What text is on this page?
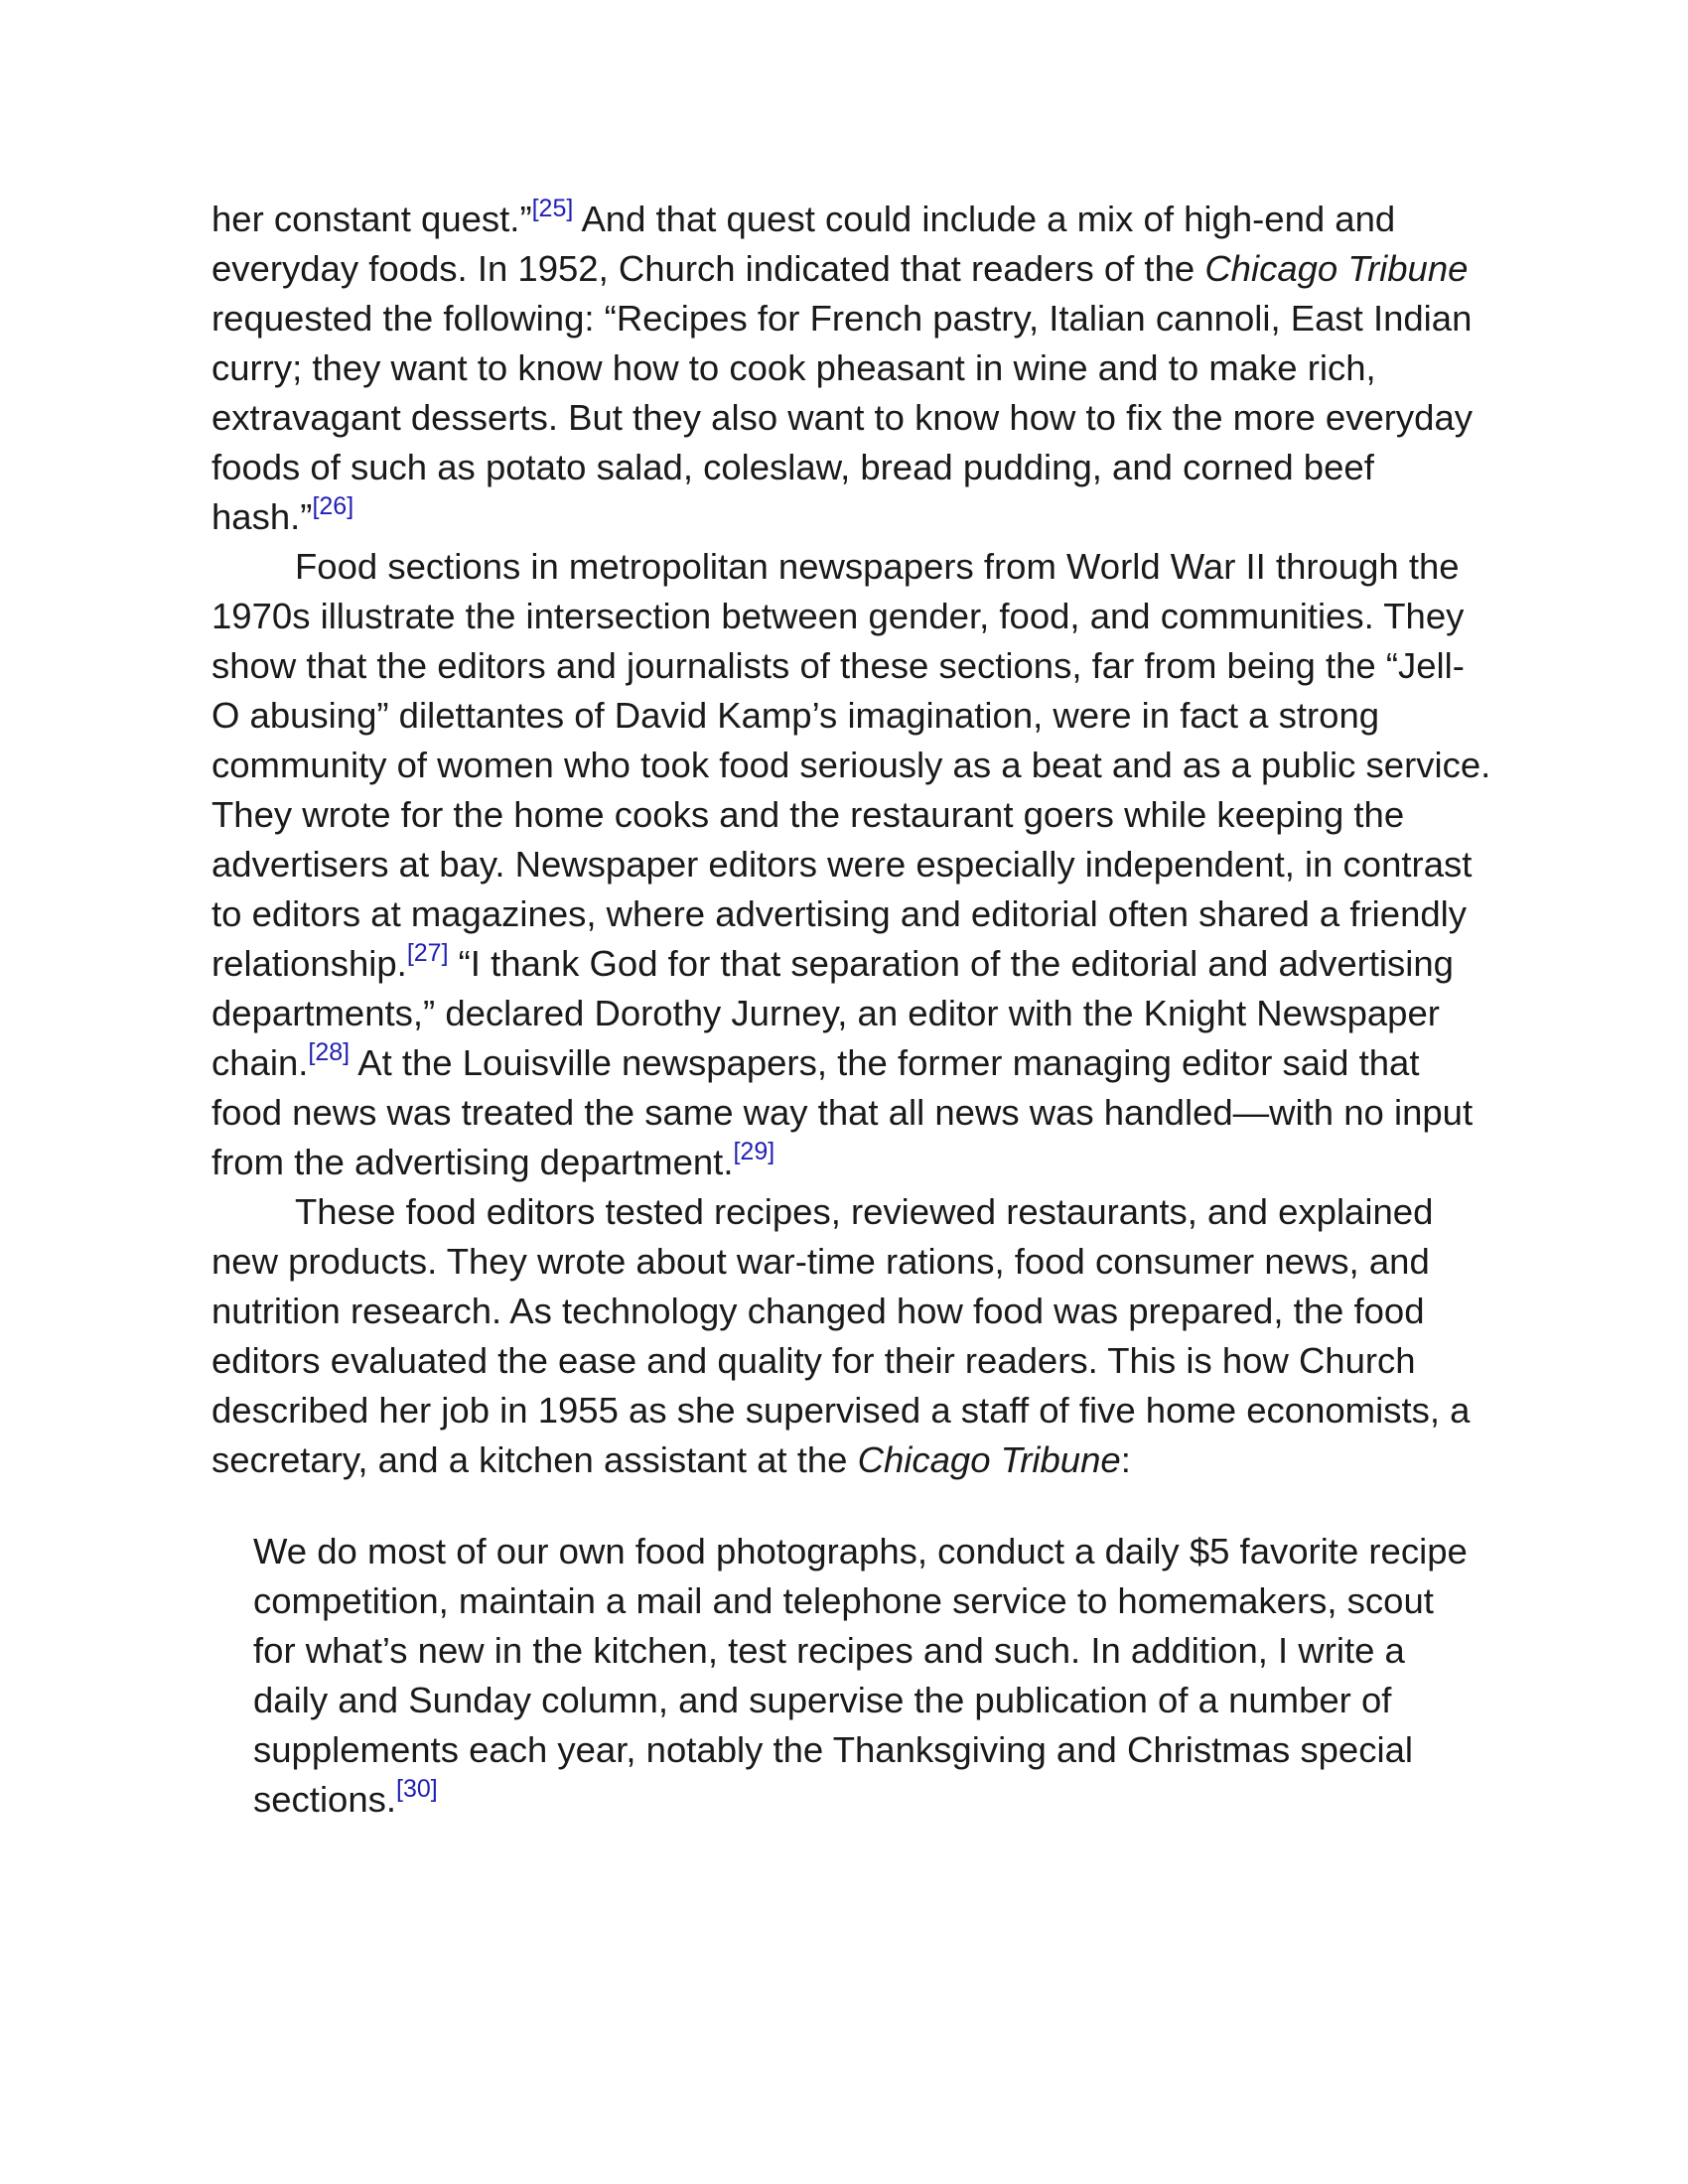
her constant quest.”[25] And that quest could include a mix of high-end and everyday foods. In 1952, Church indicated that readers of the Chicago Tribune requested the following: “Recipes for French pastry, Italian cannoli, East Indian curry; they want to know how to cook pheasant in wine and to make rich, extravagant desserts. But they also want to know how to fix the more everyday foods of such as potato salad, coleslaw, bread pudding, and corned beef hash.”[26]

Food sections in metropolitan newspapers from World War II through the 1970s illustrate the intersection between gender, food, and communities. They show that the editors and journalists of these sections, far from being the “Jell-O abusing” dilettantes of David Kamp’s imagination, were in fact a strong community of women who took food seriously as a beat and as a public service. They wrote for the home cooks and the restaurant goers while keeping the advertisers at bay. Newspaper editors were especially independent, in contrast to editors at magazines, where advertising and editorial often shared a friendly relationship.[27] “I thank God for that separation of the editorial and advertising departments,” declared Dorothy Jurney, an editor with the Knight Newspaper chain.[28] At the Louisville newspapers, the former managing editor said that food news was treated the same way that all news was handled—with no input from the advertising department.[29]

These food editors tested recipes, reviewed restaurants, and explained new products. They wrote about war-time rations, food consumer news, and nutrition research. As technology changed how food was prepared, the food editors evaluated the ease and quality for their readers. This is how Church described her job in 1955 as she supervised a staff of five home economists, a secretary, and a kitchen assistant at the Chicago Tribune:

We do most of our own food photographs, conduct a daily $5 favorite recipe competition, maintain a mail and telephone service to homemakers, scout for what’s new in the kitchen, test recipes and such. In addition, I write a daily and Sunday column, and supervise the publication of a number of supplements each year, notably the Thanksgiving and Christmas special sections.[30]
